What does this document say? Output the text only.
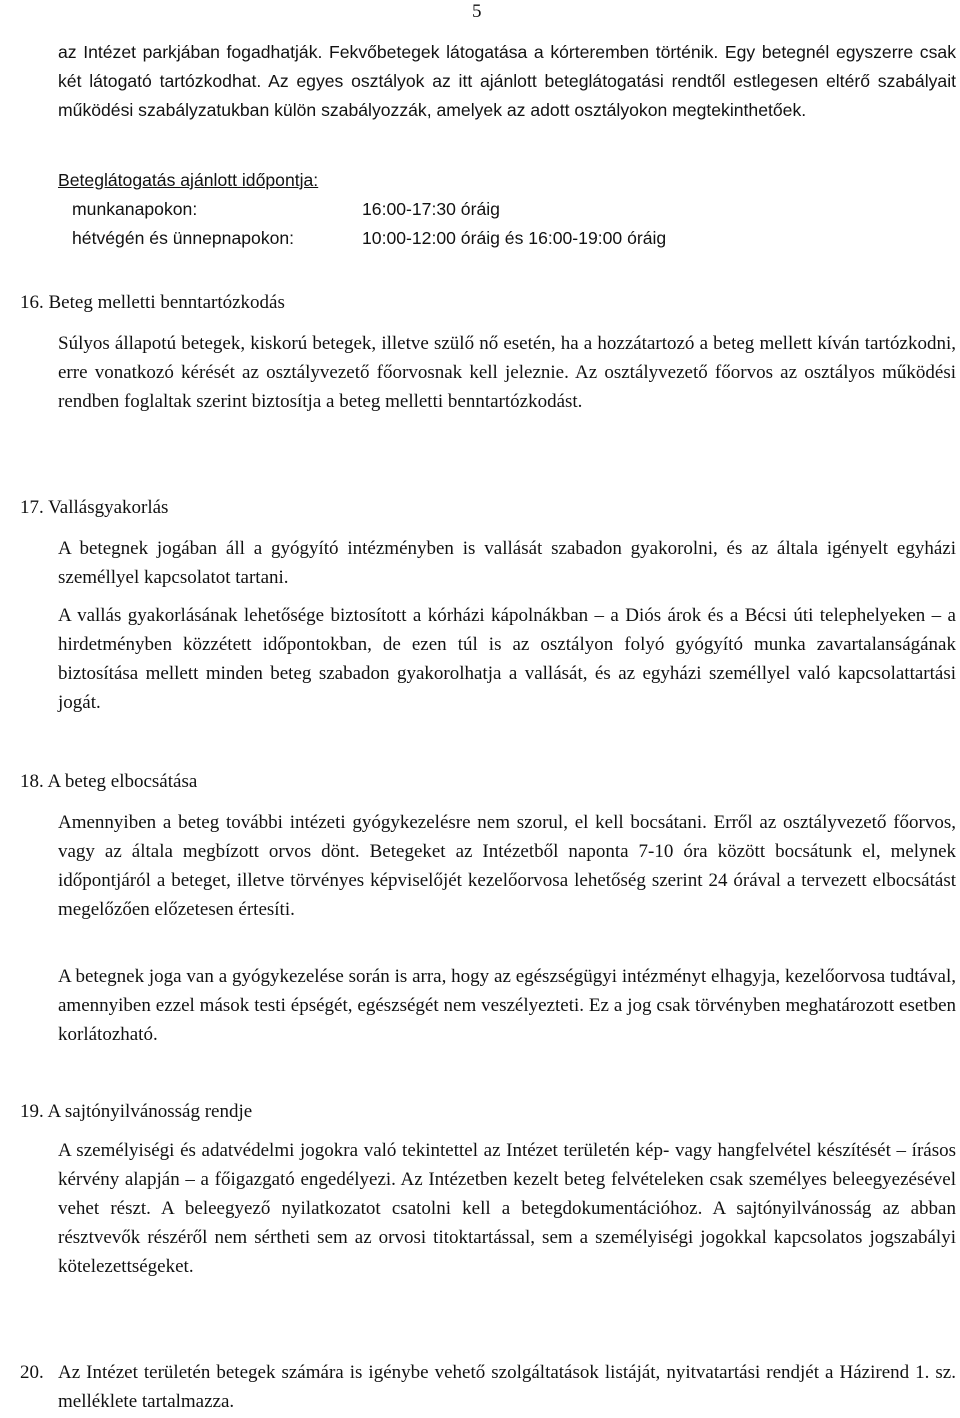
5

az Intézet parkjában fogadhatják. Fekvőbetegek látogatása a kórteremben történik. Egy betegnél egyszerre csak két látogató tartózkodhat. Az egyes osztályok az itt ajánlott beteglátogatási rendtől estlegesen eltérő szabályait működési szabályzatukban külön szabályozzák, amelyek az adott osztályokon megtekinthetőek.

Beteglátogatás ajánlott időpontja:
munkanapokon:	16:00-17:30 óráig
hétvégén és ünnepnapokon:	10:00-12:00 óráig és 16:00-19:00 óráig
16. Beteg melletti benntartózkodás

Súlyos állapotú betegek, kiskorú betegek, illetve szülő nő esetén, ha a hozzátartozó a beteg mellett kíván tartózkodni, erre vonatkozó kérését az osztályvezető főorvosnak kell jeleznie. Az osztályvezető főorvos az osztályos működési rendben foglaltak szerint biztosítja a beteg melletti benntartózkodást.

17. Vallásgyakorlás

A betegnek jogában áll a gyógyító intézményben is vallását szabadon gyakorolni, és az általa igényelt egyházi személlyel kapcsolatot tartani.

A vallás gyakorlásának lehetősége biztosított a kórházi kápolnákban – a Diós árok és a Bécsi úti telephelyeken – a hirdetményben közzétett időpontokban, de ezen túl is az osztályon folyó gyógyító munka zavartalanságának biztosítása mellett minden beteg szabadon gyakorolhatja a vallását, és az egyházi személlyel való kapcsolattartási jogát.

18. A beteg elbocsátása

Amennyiben a beteg további intézeti gyógykezelésre nem szorul, el kell bocsátani. Erről az osztályvezető főorvos, vagy az általa megbízott orvos dönt. Betegeket az Intézetből naponta 7-10 óra között bocsátunk el, melynek időpontjáról a beteget, illetve törvényes képviselőjét kezelőorvosa lehetőség szerint 24 órával a tervezett elbocsátást megelőzően előzetesen értesíti.

A betegnek joga van a gyógykezelése során is arra, hogy az egészségügyi intézményt elhagyja, kezelőorvosa tudtával, amennyiben ezzel mások testi épségét, egészségét nem veszélyezteti. Ez a jog csak törvényben meghatározott esetben korlátozható.

19. A sajtónyilvánosság rendje

A személyiségi és adatvédelmi jogokra való tekintettel az Intézet területén kép- vagy hangfelvétel készítését – írásos kérvény alapján – a főigazgató engedélyezi. Az Intézetben kezelt beteg felvételeken csak személyes beleegyezésével vehet részt. A beleegyező nyilatkozatot csatolni kell a betegdokumentációhoz. A sajtónyilvánosság az abban résztvevők részéről nem sértheti sem az orvosi titoktartással, sem a személyiségi jogokkal kapcsolatos jogszabályi kötelezettségeket.

20. Az Intézet területén betegek számára is igénybe vehető szolgáltatások listáját, nyitvatartási rendjét a Házirend 1. sz. melléklete tartalmazza.
